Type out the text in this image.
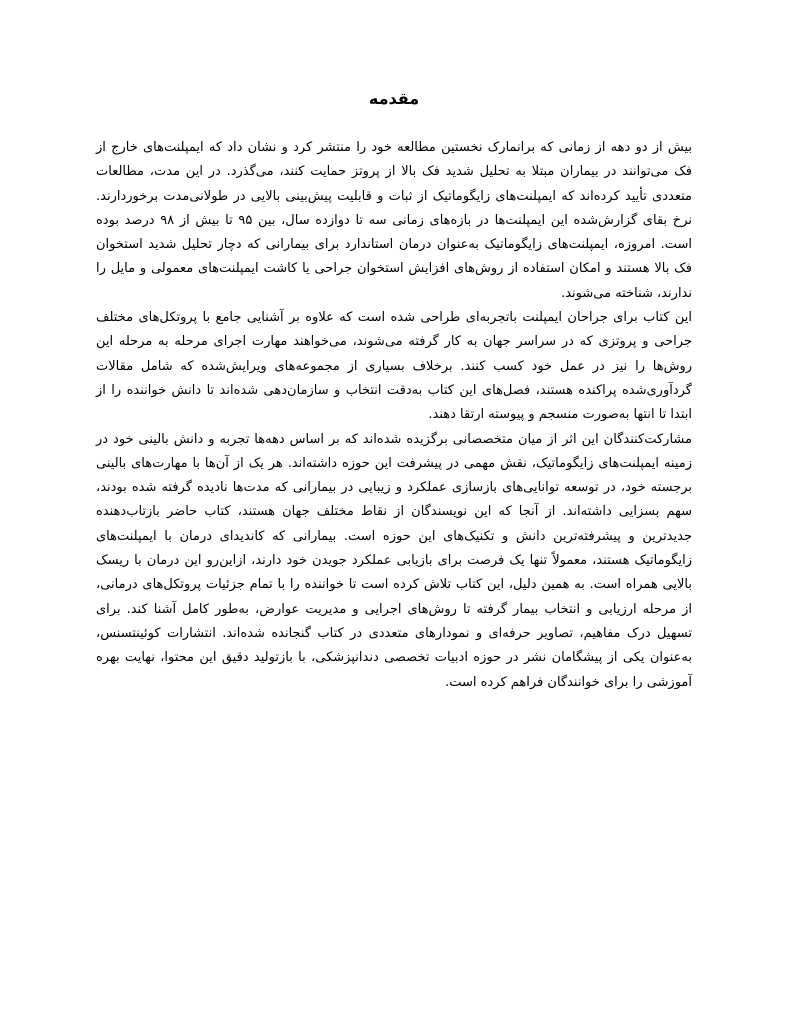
مقدمه

بیش از دو دهه از زمانی که برانمارک نخستین مطالعه خود را منتشر کرد و نشان داد که ایمپلنت‌های خارج از فک می‌توانند در بیماران مبتلا به تحلیل شدید فک بالا از پروتز حمایت کنند، می‌گذرد. در این مدت، مطالعات متعددی تأیید کرده‌اند که ایمپلنت‌های زایگوماتیک از ثبات و قابلیت پیش‌بینی بالایی در طولانی‌مدت برخوردارند. نرخ بقای گزارش‌شده این ایمپلنت‌ها در بازه‌های زمانی سه تا دوازده سال، بین ۹۵ تا بیش از ۹۸ درصد بوده است. امروزه، ایمپلنت‌های زایگوماتیک به‌عنوان درمان استاندارد برای بیمارانی که دچار تحلیل شدید استخوان فک بالا هستند و امکان استفاده از روش‌های افزایش استخوان جراحی یا کاشت ایمپلنت‌های معمولی و مایل را ندارند، شناخته می‌شوند.

این کتاب برای جراحان ایمپلنت باتجربه‌ای طراحی شده است که علاوه بر آشنایی جامع با پروتکل‌های مختلف جراحی و پروتزی که در سراسر جهان به کار گرفته می‌شوند، می‌خواهند مهارت اجرای مرحله به مرحله این روش‌ها را نیز در عمل خود کسب کنند. برخلاف بسیاری از مجموعه‌های ویرایش‌شده که شامل مقالات گردآوری‌شده پراکنده هستند، فصل‌های این کتاب به‌دقت انتخاب و سازمان‌دهی شده‌اند تا دانش خواننده را از ابتدا تا انتها به‌صورت منسجم و پیوسته ارتقا دهند.

مشارکت‌کنندگان این اثر از میان متخصصانی برگزیده شده‌اند که بر اساس دهه‌ها تجربه و دانش بالینی خود در زمینه ایمپلنت‌های زایگوماتیک، نقش مهمی در پیشرفت این حوزه داشته‌اند. هر یک از آن‌ها با مهارت‌های بالینی برجسته خود، در توسعه توانایی‌های بازسازی عملکرد و زیبایی در بیمارانی که مدت‌ها نادیده گرفته شده بودند، سهم بسزایی داشته‌اند. از آنجا که این نویسندگان از نقاط مختلف جهان هستند، کتاب حاضر بازتاب‌دهنده جدیدترین و پیشرفته‌ترین دانش و تکنیک‌های این حوزه است. بیمارانی که کاندیدای درمان با ایمپلنت‌های زایگوماتیک هستند، معمولاً تنها یک فرصت برای بازیابی عملکرد جویدن خود دارند، ازاین‌رو این درمان با ریسک بالایی همراه است. به همین دلیل، این کتاب تلاش کرده است تا خواننده را با تمام جزئیات پروتکل‌های درمانی، از مرحله ارزیابی و انتخاب بیمار گرفته تا روش‌های اجرایی و مدیریت عوارض، به‌طور کامل آشنا کند. برای تسهیل درک مفاهیم، تصاویر حرفه‌ای و نمودارهای متعددی در کتاب گنجانده شده‌اند. انتشارات کوئینتسنس، به‌عنوان یکی از پیشگامان نشر در حوزه ادبیات تخصصی دندانپزشکی، با بازتولید دقیق این محتوا، نهایت بهره آموزشی را برای خوانندگان فراهم کرده است.
